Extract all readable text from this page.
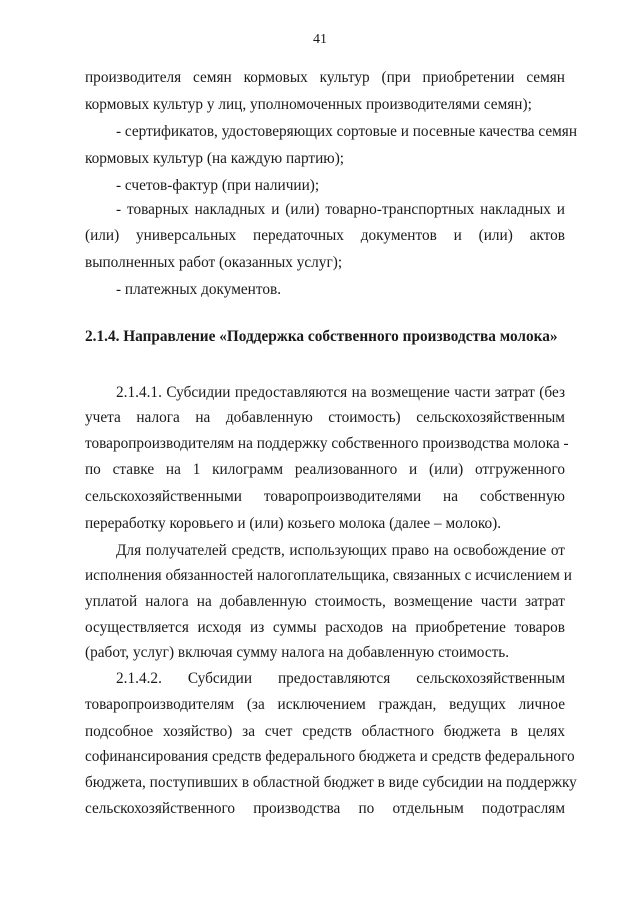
41
производителя семян кормовых культур (при приобретении семян
кормовых культур у лиц, уполномоченных производителями семян);
- сертификатов, удостоверяющих сортовые и посевные качества семян
кормовых культур (на каждую партию);
- счетов-фактур (при наличии);
- товарных накладных и (или) товарно-транспортных накладных и
(или) универсальных передаточных документов и (или) актов
выполненных работ (оказанных услуг);
- платежных документов.
2.1.4. Направление «Поддержка собственного производства молока»
2.1.4.1. Субсидии предоставляются на возмещение части затрат (без
учета налога на добавленную стоимость) сельскохозяйственным
товаропроизводителям на поддержку собственного производства молока -
по ставке на 1 килограмм реализованного и (или) отгруженного
сельскохозяйственными товаропроизводителями на собственную
переработку коровьего и (или) козьего молока (далее – молоко).
Для получателей средств, использующих право на освобождение от
исполнения обязанностей налогоплательщика, связанных с исчислением и
уплатой налога на добавленную стоимость, возмещение части затрат
осуществляется исходя из суммы расходов на приобретение товаров
(работ, услуг) включая сумму налога на добавленную стоимость.
2.1.4.2. Субсидии предоставляются сельскохозяйственным
товаропроизводителям (за исключением граждан, ведущих личное
подсобное хозяйство) за счет средств областного бюджета в целях
софинансирования средств федерального бюджета и средств федерального
бюджета, поступивших в областной бюджет в виде субсидии на поддержку
сельскохозяйственного производства по отдельным подотраслям
